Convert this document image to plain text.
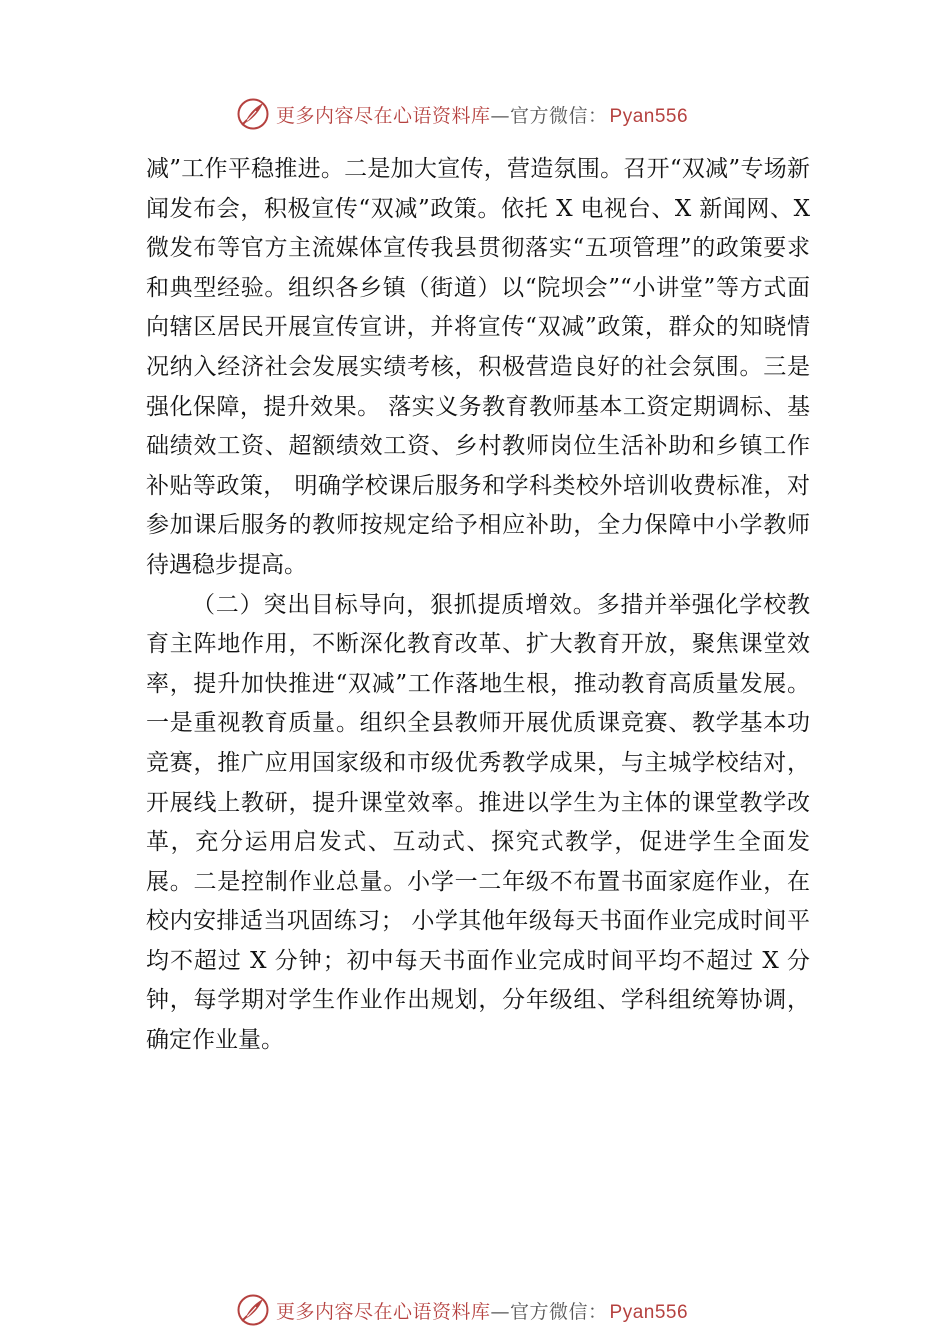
更多内容尽在心语资料库—官方微信： Pyan556

减”工作平稳推进。二是加大宣传，营造氛围。召开“双减”专场新闻发布会，积极宣传“双减”政策。依托 X 电视台、X 新闻网、X 微发布等官方主流媒体宣传我县贯彻落实“五项管理”的政策要求和典型经验。组织各乡镇（街道）以“院坝会”“小讲堂”等方式面向辖区居民开展宣传宣讲，并将宣传“双减”政策，群众的知晓情况纳入经济社会发展实绩考核，积极营造良好的社会氛围。三是强化保障，提升效果。 落实义务教育教师基本工资定期调标、基础绩效工资、超额绩效工资、乡村教师岗位生活补助和乡镇工作补贴等政策， 明确学校课后服务和学科类校外培训收费标准，对参加课后服务的教师按规定给予相应补助，全力保障中小学教师待遇稳步提高。

（二）突出目标导向，狠抓提质增效。多措并举强化学校教育主阵地作用，不断深化教育改革、扩大教育开放，聚焦课堂效率，提升加快推进“双减”工作落地生根，推动教育高质量发展。一是重视教育质量。组织全县教师开展优质课竞赛、教学基本功竞赛，推广应用国家级和市级优秀教学成果，与主城学校结对，开展线上教研，提升课堂效率。推进以学生为主体的课堂教学改革，充分运用启发式、互动式、探究式教学，促进学生全面发展。二是控制作业总量。小学一二年级不布置书面家庭作业，在校内安排适当巩固练习； 小学其他年级每天书面作业完成时间平均不超过 X 分钟；初中每天书面作业完成时间平均不超过 X 分钟，每学期对学生作业作出规划，分年级组、学科组统筹协调，确定作业量。

更多内容尽在心语资料库—官方微信： Pyan556
